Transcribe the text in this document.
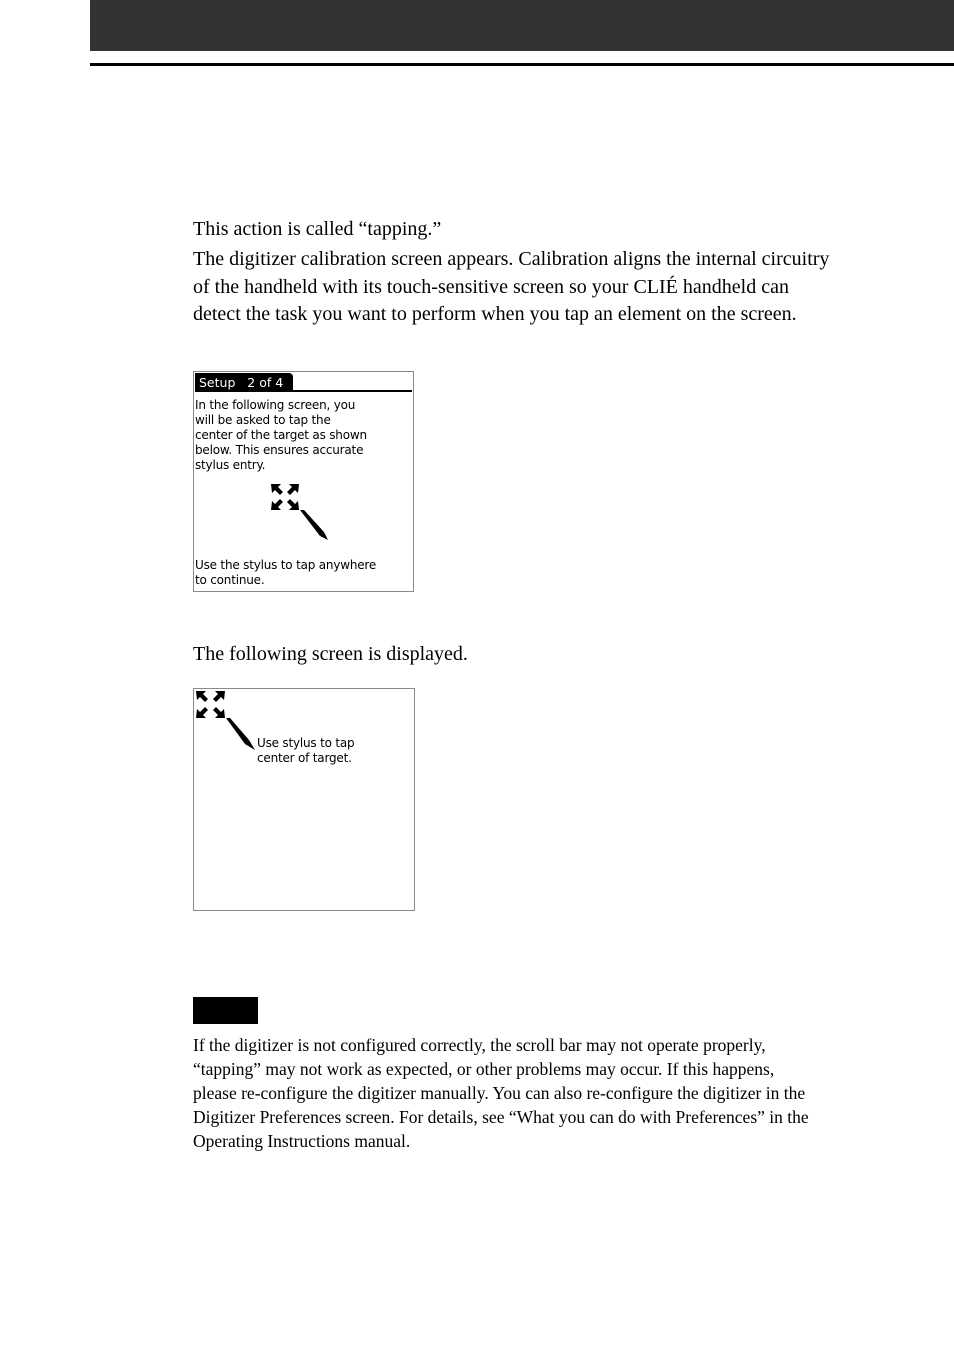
This action is called “tapping.”

The digitizer calibration screen appears. Calibration aligns the internal circuitry of the handheld with its touch-sensitive screen so your CLIÉ handheld can detect the task you want to perform when you tap an element on the screen.

Setup   2 of 4
In the following screen, you
will be asked to tap the
center of the target as shown
below. This ensures accurate
stylus entry.
Use the stylus to tap anywhere
to continue.

The following screen is displayed.

Use stylus to tap
center of target.

If the digitizer is not configured correctly, the scroll bar may not operate properly, “tapping” may not work as expected, or other problems may occur. If this happens, please re-configure the digitizer manually. You can also re-configure the digitizer in the Digitizer Preferences screen. For details, see “What you can do with Preferences” in the Operating Instructions manual.
